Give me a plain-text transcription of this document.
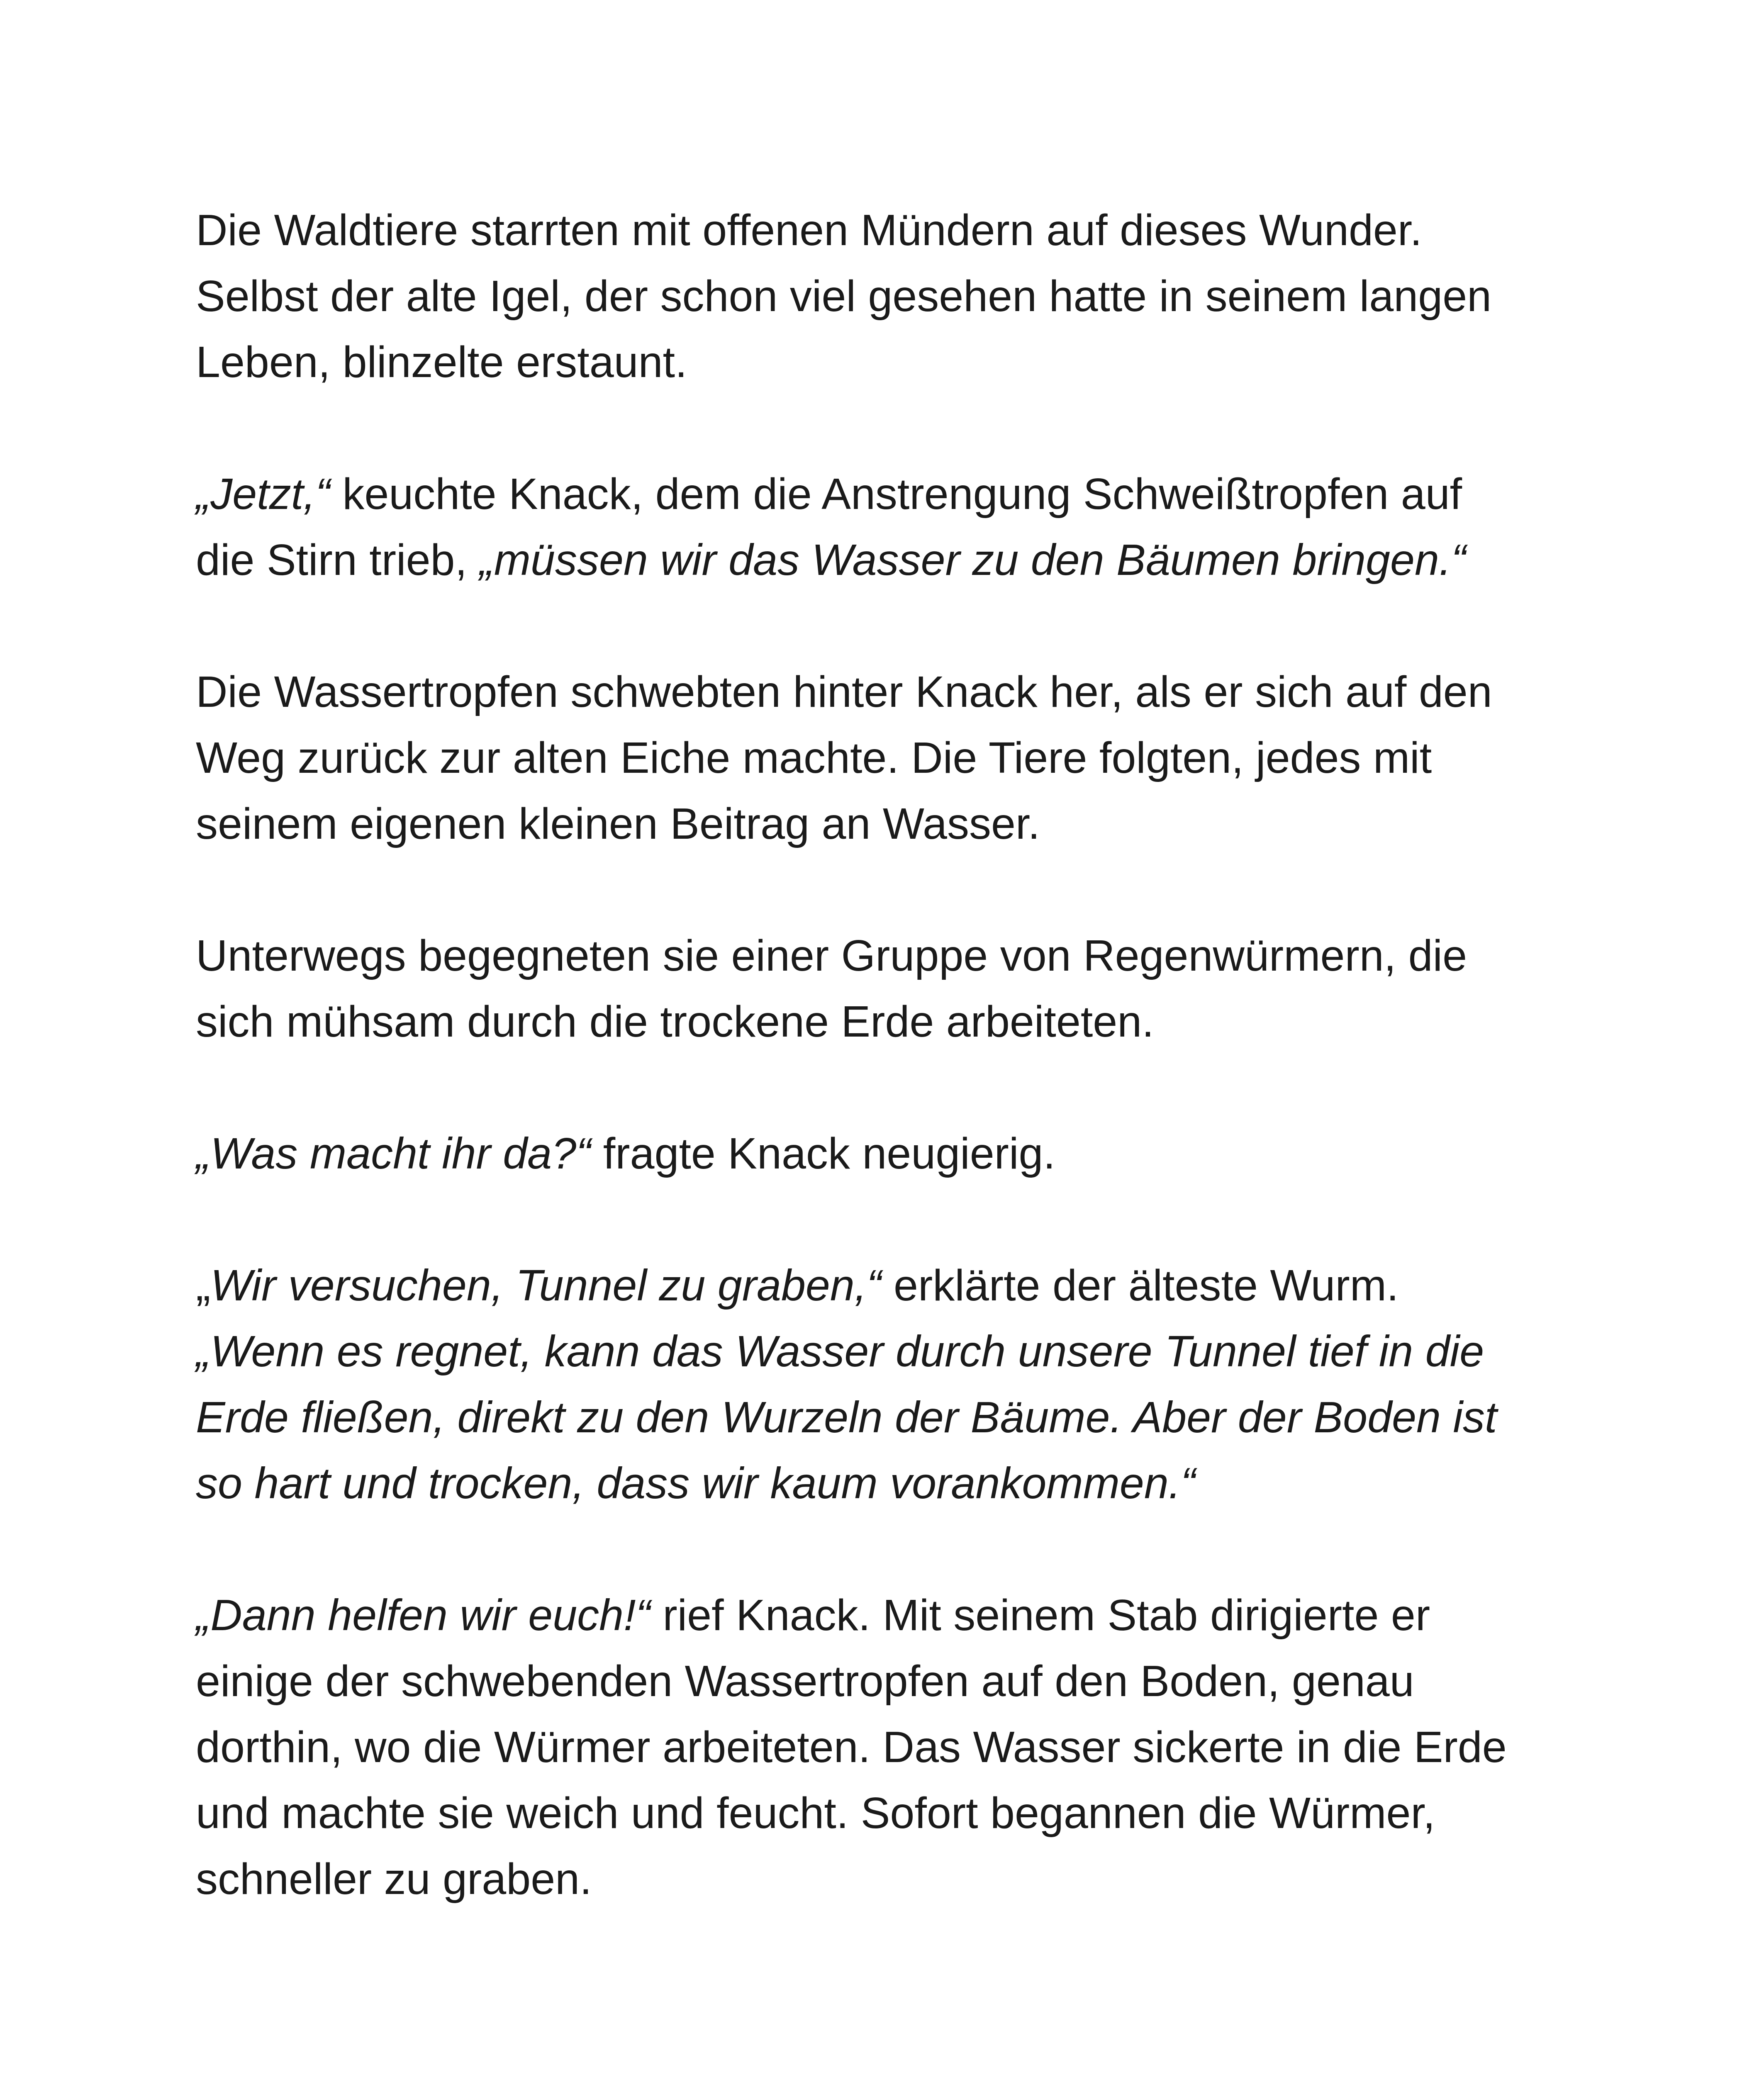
Die Waldtiere starrten mit offenen Mündern auf dieses Wunder.
Selbst der alte Igel, der schon viel gesehen hatte in seinem langen
Leben, blinzelte erstaunt.

„Jetzt,“ keuchte Knack, dem die Anstrengung Schweißtropfen auf
die Stirn trieb, „müssen wir das Wasser zu den Bäumen bringen.“

Die Wassertropfen schwebten hinter Knack her, als er sich auf den
Weg zurück zur alten Eiche machte. Die Tiere folgten, jedes mit
seinem eigenen kleinen Beitrag an Wasser.

Unterwegs begegneten sie einer Gruppe von Regenwürmern, die
sich mühsam durch die trockene Erde arbeiteten.

„Was macht ihr da?“ fragte Knack neugierig.

„Wir versuchen, Tunnel zu graben,“ erklärte der älteste Wurm.
„Wenn es regnet, kann das Wasser durch unsere Tunnel tief in die
Erde fließen, direkt zu den Wurzeln der Bäume. Aber der Boden ist
so hart und trocken, dass wir kaum vorankommen.“

„Dann helfen wir euch!“ rief Knack. Mit seinem Stab dirigierte er
einige der schwebenden Wassertropfen auf den Boden, genau
dorthin, wo die Würmer arbeiteten. Das Wasser sickerte in die Erde
und machte sie weich und feucht. Sofort begannen die Würmer,
schneller zu graben.
